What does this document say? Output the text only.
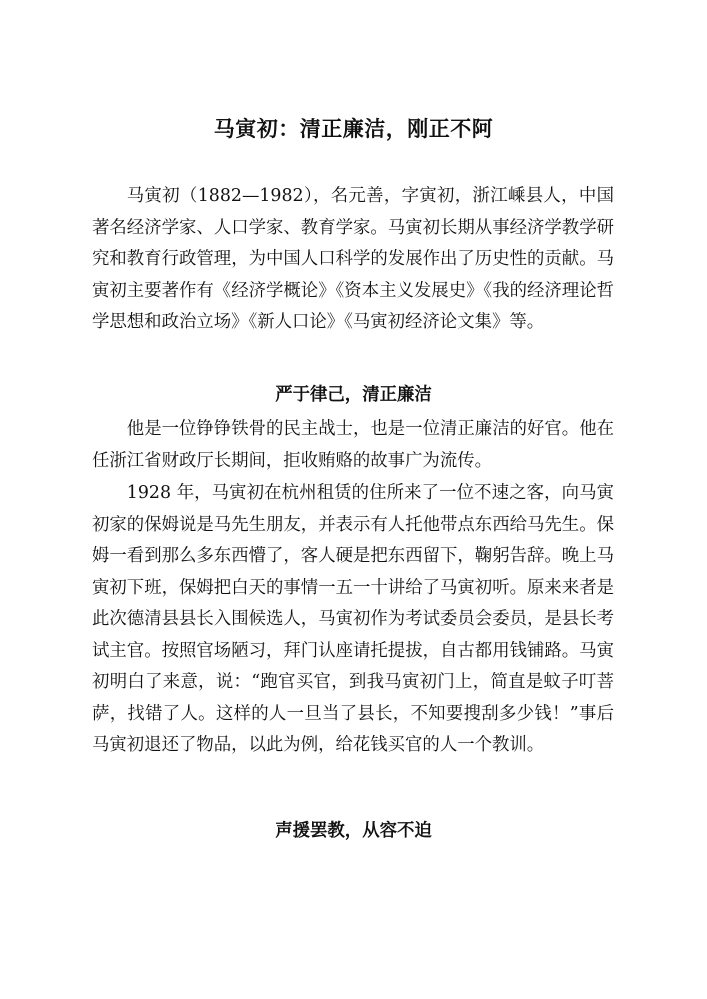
马寅初：清正廉洁，刚正不阿

马寅初（1882—1982），名元善，字寅初，浙江嵊县人，中国著名经济学家、人口学家、教育学家。马寅初长期从事经济学教学研究和教育行政管理，为中国人口科学的发展作出了历史性的贡献。马寅初主要著作有《经济学概论》《资本主义发展史》《我的经济理论哲学思想和政治立场》《新人口论》《马寅初经济论文集》等。

严于律己，清正廉洁

他是一位铮铮铁骨的民主战士，也是一位清正廉洁的好官。他在任浙江省财政厅长期间，拒收贿赂的故事广为流传。

1928 年，马寅初在杭州租赁的住所来了一位不速之客，向马寅初家的保姆说是马先生朋友，并表示有人托他带点东西给马先生。保姆一看到那么多东西懵了，客人硬是把东西留下，鞠躬告辞。晚上马寅初下班，保姆把白天的事情一五一十讲给了马寅初听。原来来者是此次德清县县长入围候选人，马寅初作为考试委员会委员，是县长考试主官。按照官场陋习，拜门认座请托提拔，自古都用钱铺路。马寅初明白了来意，说：“跑官买官，到我马寅初门上，简直是蚊子叮菩萨，找错了人。这样的人一旦当了县长，不知要搜刮多少钱！”事后马寅初退还了物品，以此为例，给花钱买官的人一个教训。

声援罢教，从容不迫
